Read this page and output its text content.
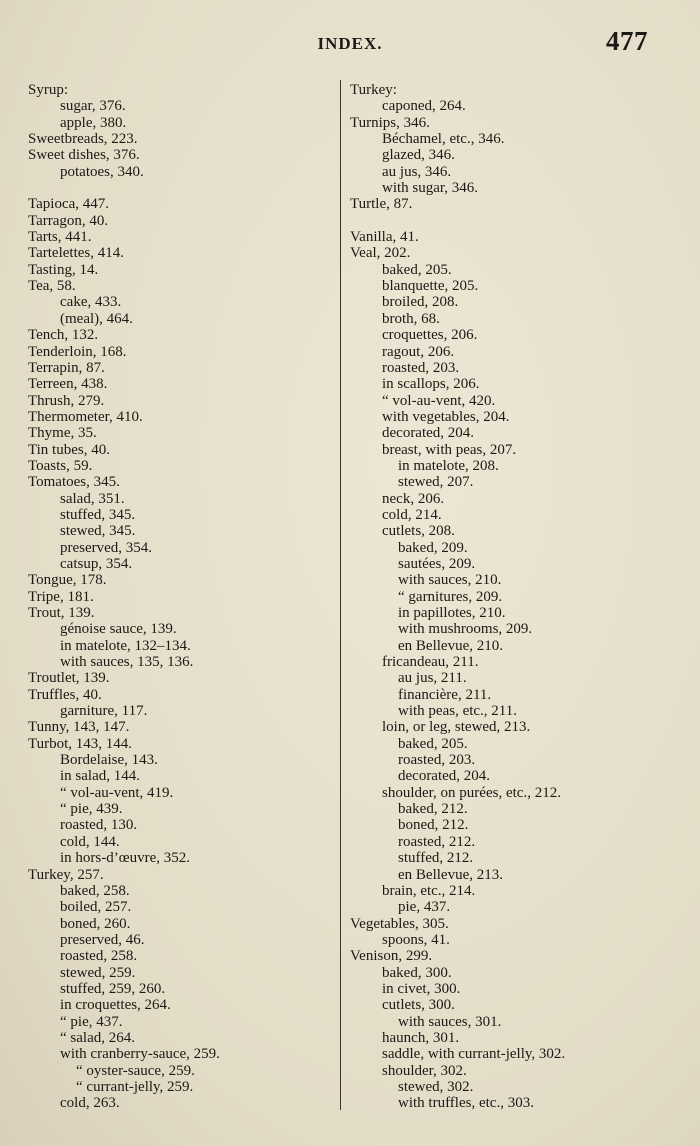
INDEX.	477
Syrup:
sugar, 376.
apple, 380.
Sweetbreads, 223.
Sweet dishes, 376.
potatoes, 340.
Tapioca, 447.
Tarragon, 40.
Tarts, 441.
Tartelettes, 414.
Tasting, 14.
Tea, 58.
cake, 433.
(meal), 464.
Tench, 132.
Tenderloin, 168.
Terrapin, 87.
Terreen, 438.
Thrush, 279.
Thermometer, 410.
Thyme, 35.
Tin tubes, 40.
Toasts, 59.
Tomatoes, 345.
salad, 351.
stuffed, 345.
stewed, 345.
preserved, 354.
catsup, 354.
Tongue, 178.
Tripe, 181.
Trout, 139.
génoise sauce, 139.
in matelote, 132–134.
with sauces, 135, 136.
Troutlet, 139.
Truffles, 40.
garniture, 117.
Tunny, 143, 147.
Turbot, 143, 144.
Bordelaise, 143.
in salad, 144.
“ vol-au-vent, 419.
“ pie, 439.
roasted, 130.
cold, 144.
in hors-d’œuvre, 352.
Turkey, 257.
baked, 258.
boiled, 257.
boned, 260.
preserved, 46.
roasted, 258.
stewed, 259.
stuffed, 259, 260.
in croquettes, 264.
“ pie, 437.
“ salad, 264.
with cranberry-sauce, 259.
“ oyster-sauce, 259.
“ currant-jelly, 259.
cold, 263.
Turkey:
caponed, 264.
Turnips, 346.
Béchamel, etc., 346.
glazed, 346.
au jus, 346.
with sugar, 346.
Turtle, 87.
Vanilla, 41.
Veal, 202.
baked, 205.
blanquette, 205.
broiled, 208.
broth, 68.
croquettes, 206.
ragout, 206.
roasted, 203.
in scallops, 206.
“ vol-au-vent, 420.
with vegetables, 204.
decorated, 204.
breast, with peas, 207.
in matelote, 208.
stewed, 207.
neck, 206.
cold, 214.
cutlets, 208.
baked, 209.
sautées, 209.
with sauces, 210.
“ garnitures, 209.
in papillotes, 210.
with mushrooms, 209.
en Bellevue, 210.
fricandeau, 211.
au jus, 211.
financière, 211.
with peas, etc., 211.
loin, or leg, stewed, 213.
baked, 205.
roasted, 203.
decorated, 204.
shoulder, on purées, etc., 212.
baked, 212.
boned, 212.
roasted, 212.
stuffed, 212.
en Bellevue, 213.
brain, etc., 214.
pie, 437.
Vegetables, 305.
spoons, 41.
Venison, 299.
baked, 300.
in civet, 300.
cutlets, 300.
with sauces, 301.
haunch, 301.
saddle, with currant-jelly, 302.
shoulder, 302.
stewed, 302.
with truffles, etc., 303.
